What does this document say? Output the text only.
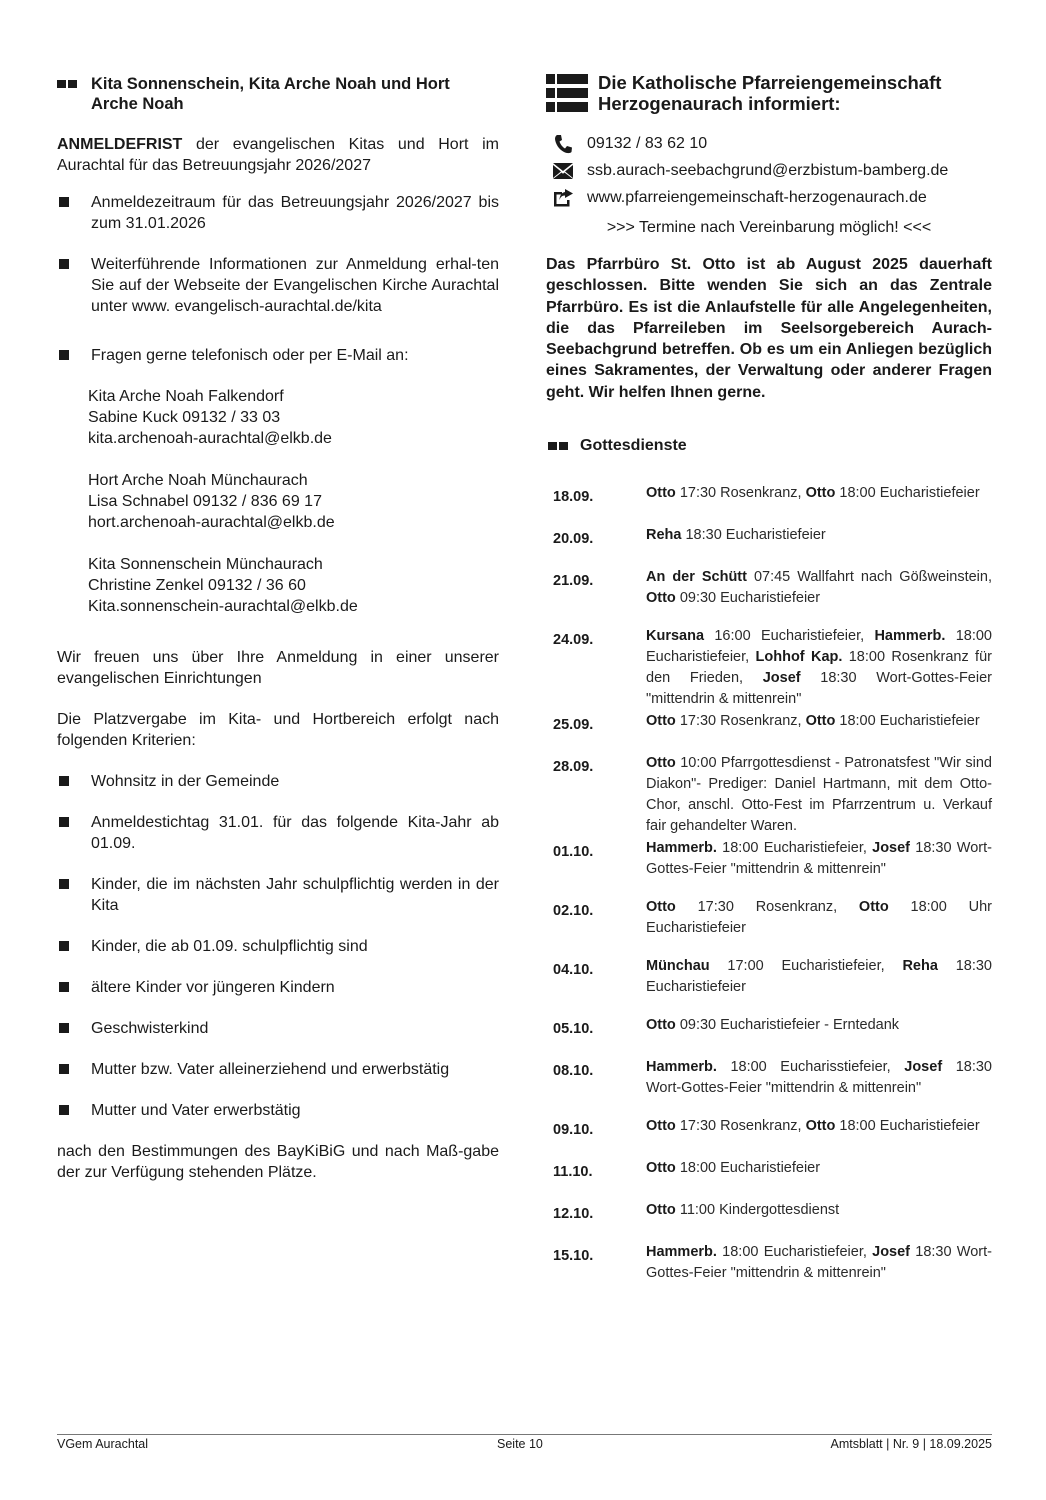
Kita Sonnenschein, Kita Arche Noah und Hort Arche Noah

ANMELDEFRIST der evangelischen Kitas und Hort im Aurachtal für das Betreuungsjahr 2026/2027

Anmeldezeitraum für das Betreuungsjahr 2026/2027 bis zum 31.01.2026
Weiterführende Informationen zur Anmeldung erhal-ten Sie auf der Webseite der Evangelischen Kirche Aurachtal unter www. evangelisch-aurachtal.de/kita
Fragen gerne telefonisch oder per E-Mail an:
Kita Arche Noah Falkendorf
Sabine Kuck 09132 / 33 03
kita.archenoah-aurachtal@elkb.de
Hort Arche Noah Münchaurach
Lisa Schnabel 09132 / 836 69 17
hort.archenoah-aurachtal@elkb.de
Kita Sonnenschein Münchaurach
Christine Zenkel 09132 / 36 60
Kita.sonnenschein-aurachtal@elkb.de

Wir freuen uns über Ihre Anmeldung in einer unserer evangelischen Einrichtungen

Die Platzvergabe im Kita- und Hortbereich erfolgt nach folgenden Kriterien:

Wohnsitz in der Gemeinde
Anmeldestichtag 31.01. für das folgende Kita-Jahr ab 01.09.
Kinder, die im nächsten Jahr schulpflichtig werden in der Kita
Kinder, die ab 01.09. schulpflichtig sind
ältere Kinder vor jüngeren Kindern
Geschwisterkind
Mutter bzw. Vater alleinerziehend und erwerbstätig
Mutter und Vater erwerbstätig

nach den Bestimmungen des BayKiBiG und nach Maß-gabe der zur Verfügung stehenden Plätze.

Die Katholische Pfarreiengemeinschaft
Herzogenaurach informiert:
09132 / 83 62 10
ssb.aurach-seebachgrund@erzbistum-bamberg.de
www.pfarreiengemeinschaft-herzogenaurach.de
>>> Termine nach Vereinbarung möglich! <<<

Das Pfarrbüro St. Otto ist ab August 2025 dauerhaft geschlossen. Bitte wenden Sie sich an das Zentrale Pfarrbüro. Es ist die Anlaufstelle für alle Angelegenheiten, die das Pfarreileben im Seelsorgebereich Aurach-Seebachgrund betreffen. Ob es um ein Anliegen bezüglich eines Sakramentes, der Verwaltung oder anderer Fragen geht. Wir helfen Ihnen gerne.

Gottesdienste
18.09.	Otto 17:30 Rosenkranz, Otto 18:00 Eucharistiefeier
20.09.	Reha 18:30 Eucharistiefeier
21.09.	An der Schütt 07:45 Wallfahrt nach Gößweinstein, Otto 09:30 Eucharistiefeier
24.09.	Kursana 16:00 Eucharistiefeier, Hammerb. 18:00 Eucharistiefeier, Lohhof Kap. 18:00 Rosenkranz für den Frieden, Josef 18:30 Wort-Gottes-Feier "mittendrin & mittenrein"
25.09.	Otto 17:30 Rosenkranz, Otto 18:00 Eucharistiefeier
28.09.	Otto 10:00 Pfarrgottesdienst - Patronatsfest "Wir sind Diakon"- Prediger: Daniel Hartmann, mit dem Otto-Chor, anschl. Otto-Fest im Pfarrzentrum u. Verkauf fair gehandelter Waren.
01.10.	Hammerb. 18:00 Eucharistiefeier, Josef 18:30 Wort-Gottes-Feier "mittendrin & mittenrein"
02.10.	Otto 17:30 Rosenkranz, Otto 18:00 Uhr Eucharistiefeier
04.10.	Münchau 17:00 Eucharistiefeier, Reha 18:30 Eucharistiefeier
05.10.	Otto 09:30 Eucharistiefeier - Erntedank
08.10.	Hammerb. 18:00 Eucharisstiefeier, Josef 18:30 Wort-Gottes-Feier "mittendrin & mittenrein"
09.10.	Otto 17:30 Rosenkranz, Otto 18:00 Eucharistiefeier
11.10.	Otto 18:00 Eucharistiefeier
12.10.	Otto 11:00 Kindergottesdienst
15.10.	Hammerb. 18:00 Eucharistiefeier, Josef 18:30 Wort-Gottes-Feier "mittendrin & mittenrein"
VGem Aurachtal	Seite 10	Amtsblatt | Nr. 9 | 18.09.2025
